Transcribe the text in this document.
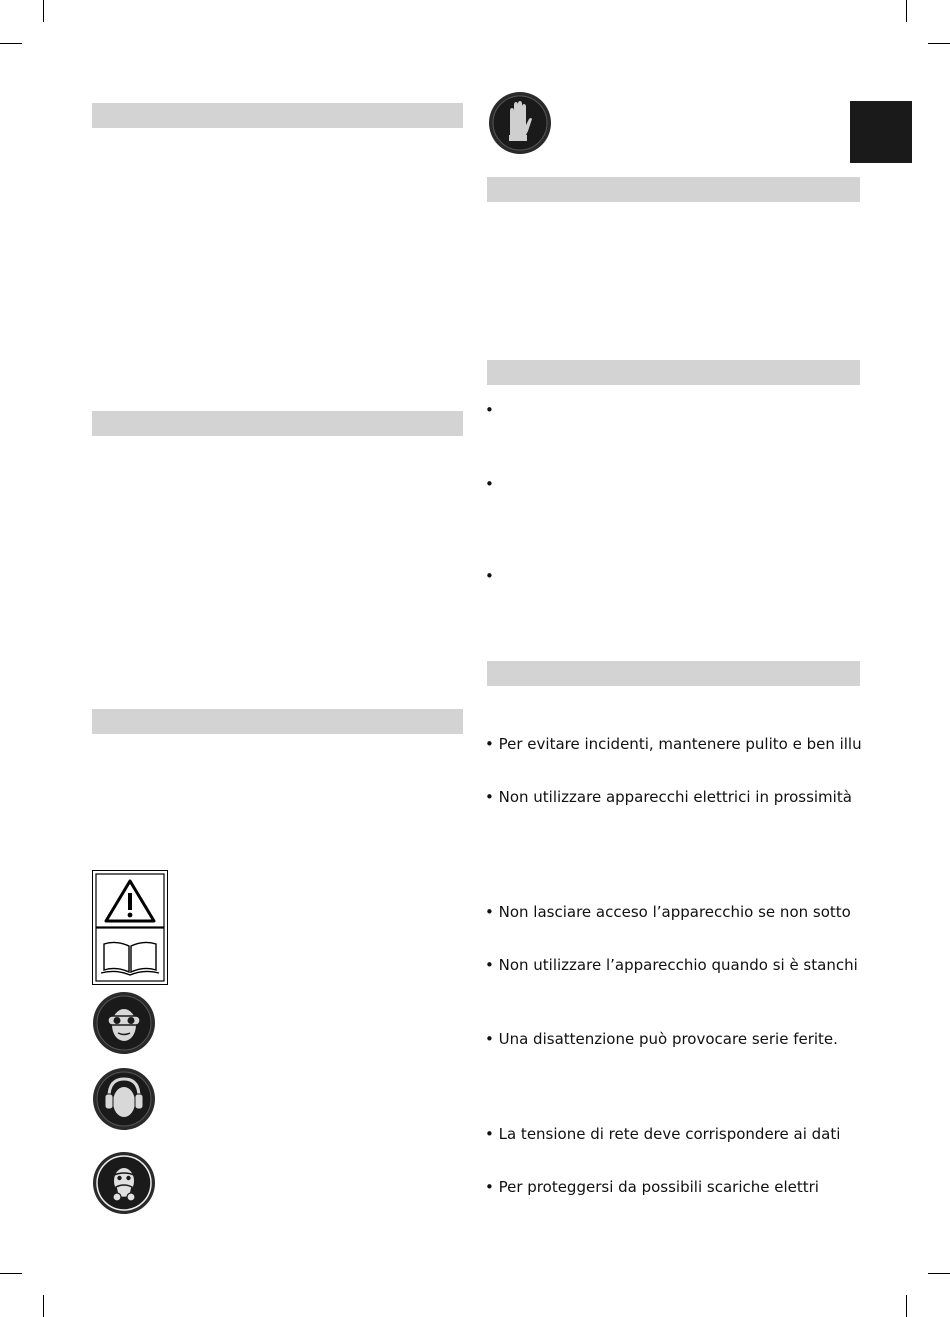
•
•
•
• Per evitare incidenti, mantenere pulito e ben illu
• Non utilizzare apparecchi elettrici in prossimità
• Non lasciare acceso l’apparecchio se non sotto
• Non utilizzare l’apparecchio quando si è stanchi
• Una disattenzione può provocare serie ferite.
• La tensione di rete deve corrispondere ai dati
• Per proteggersi da possibili scariche elettri
